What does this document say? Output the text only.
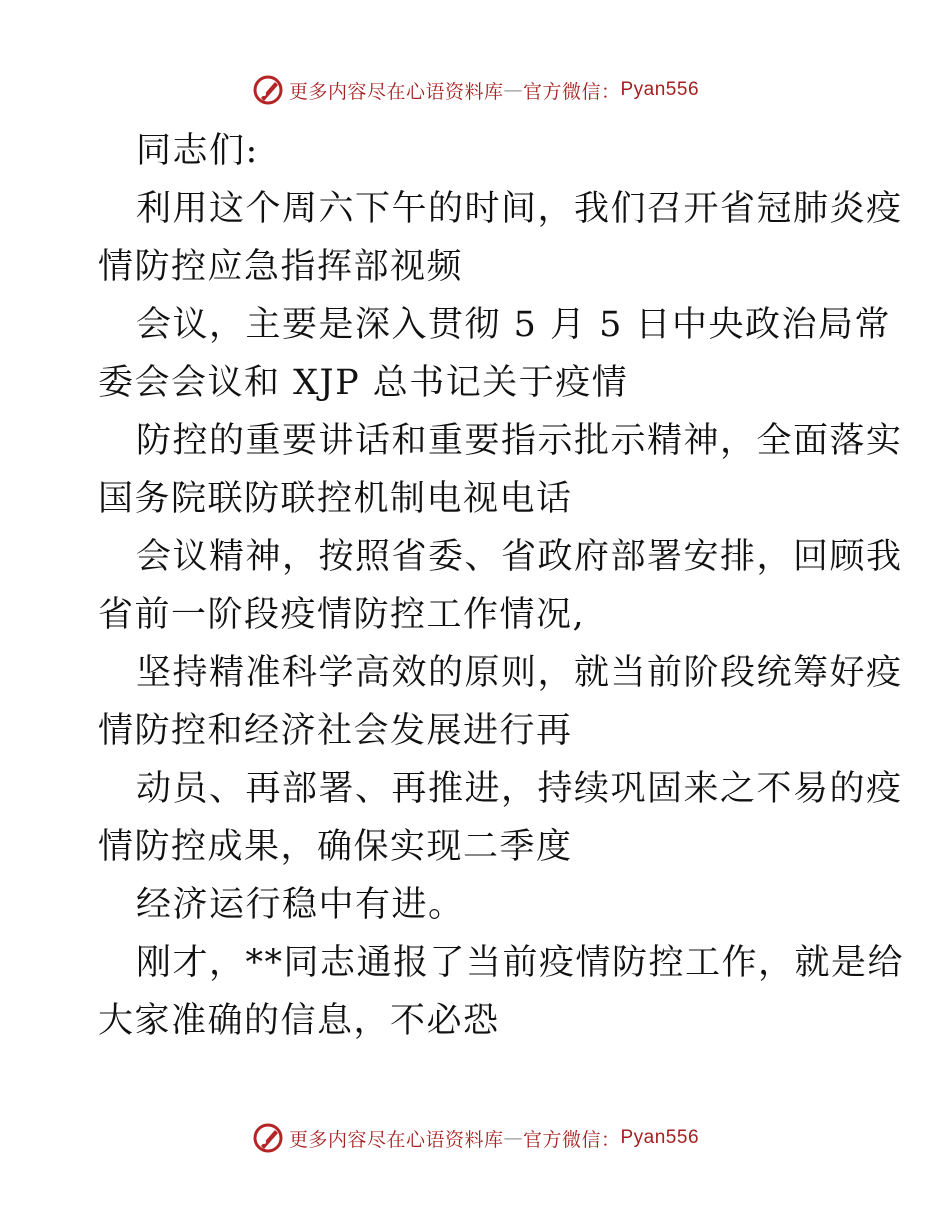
更多内容尽在心语资料库 — 官方微信： Pyan556
同志们:
利用这个周六下午的时间，我们召开省冠肺炎疫
情防控应急指挥部视频
会议，主要是深入贯彻 5 月 5 日中央政治局常
委会会议和 XJP 总书记关于疫情
防控的重要讲话和重要指示批示精神，全面落实
国务院联防联控机制电视电话
会议精神，按照省委、省政府部署安排，回顾我
省前一阶段疫情防控工作情况,
坚持精准科学高效的原则，就当前阶段统筹好疫
情防控和经济社会发展进行再
动员、再部署、再推进，持续巩固来之不易的疫
情防控成果，确保实现二季度
经济运行稳中有进。
刚才，**同志通报了当前疫情防控工作，就是给
大家准确的信息，不必恐
更多内容尽在心语资料库 — 官方微信： Pyan556
